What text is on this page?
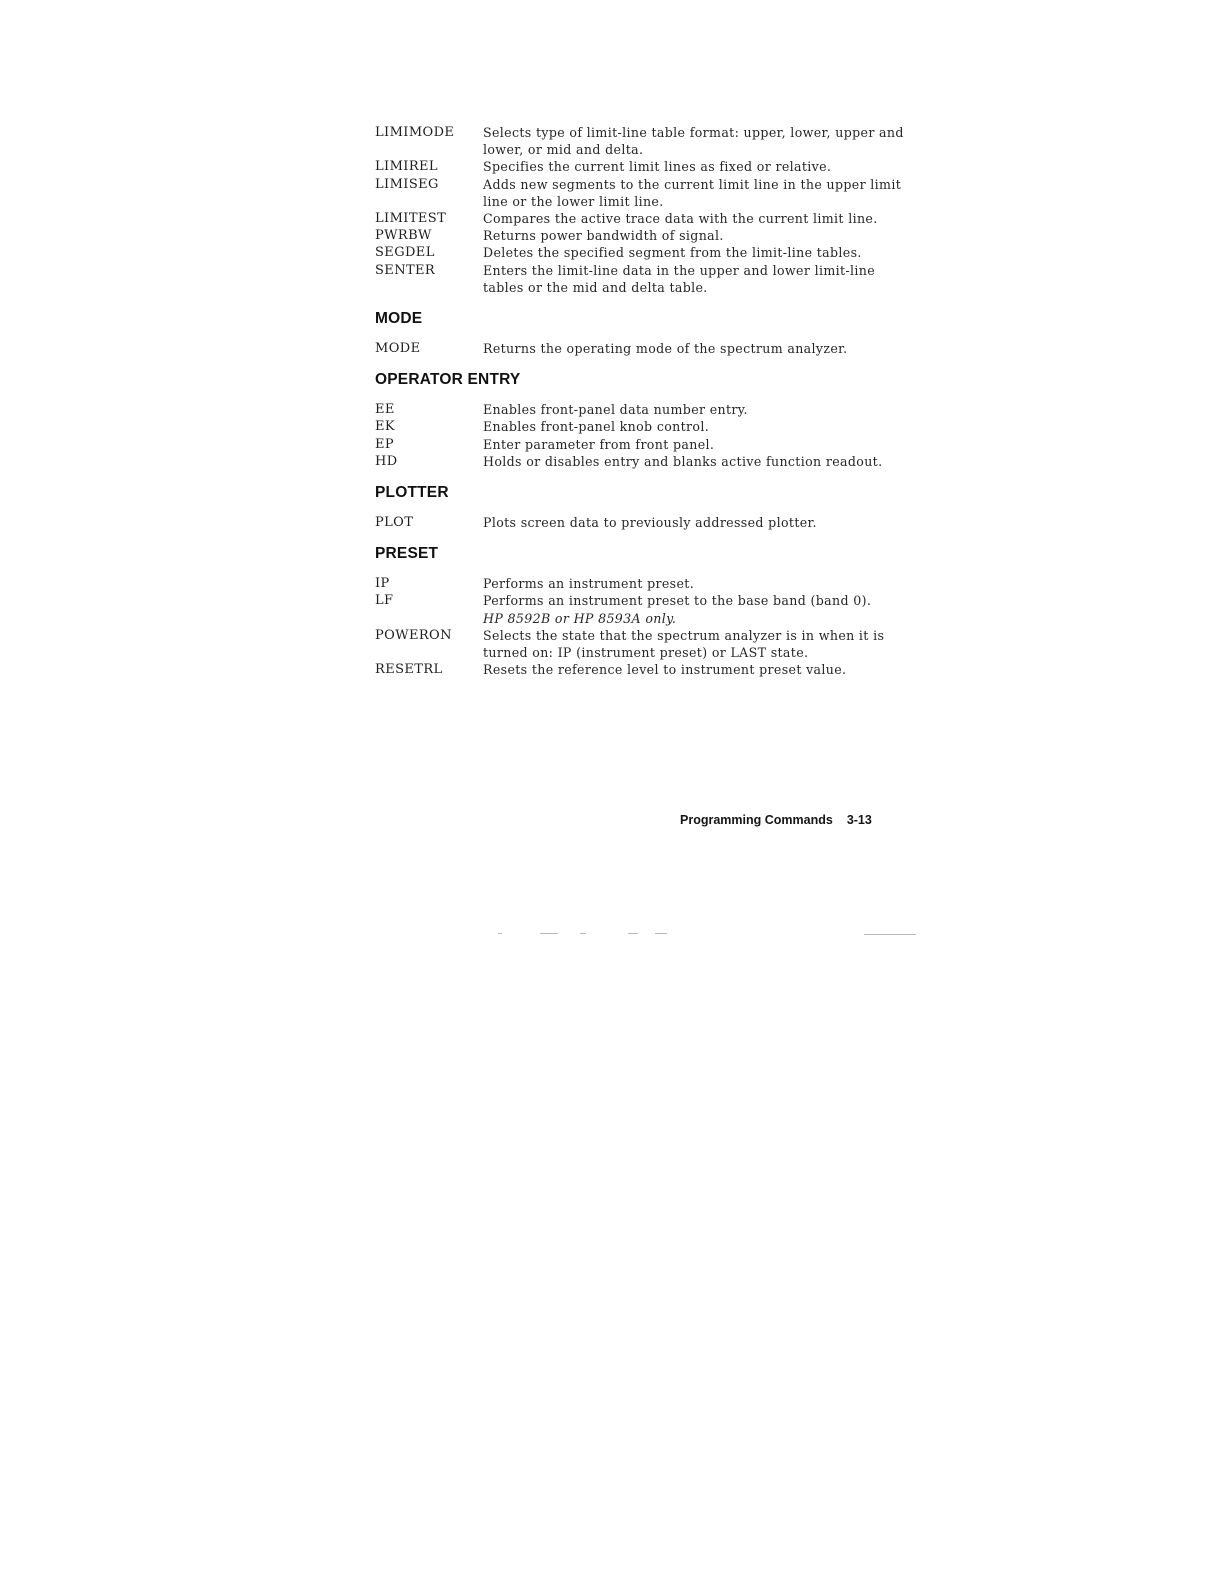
LIMIMODE	Selects type of limit-line table format: upper, lower, upper and lower, or mid and delta.
LIMIREL	Specifies the current limit lines as fixed or relative.
LIMISEG	Adds new segments to the current limit line in the upper limit line or the lower limit line.
LIMITEST	Compares the active trace data with the current limit line.
PWRBW	Returns power bandwidth of signal.
SEGDEL	Deletes the specified segment from the limit-line tables.
SENTER	Enters the limit-line data in the upper and lower limit-line tables or the mid and delta table.
MODE
MODE	Returns the operating mode of the spectrum analyzer.
OPERATOR ENTRY
EE	Enables front-panel data number entry.
EK	Enables front-panel knob control.
EP	Enter parameter from front panel.
HD	Holds or disables entry and blanks active function readout.
PLOTTER
PLOT	Plots screen data to previously addressed plotter.
PRESET
IP	Performs an instrument preset.
LF	Performs an instrument preset to the base band (band 0).
HP 8592B or HP 8593A only.
POWERON	Selects the state that the spectrum analyzer is in when it is turned on: IP (instrument preset) or LAST state.
RESETRL	Resets the reference level to instrument preset value.
Programming Commands 3-13
